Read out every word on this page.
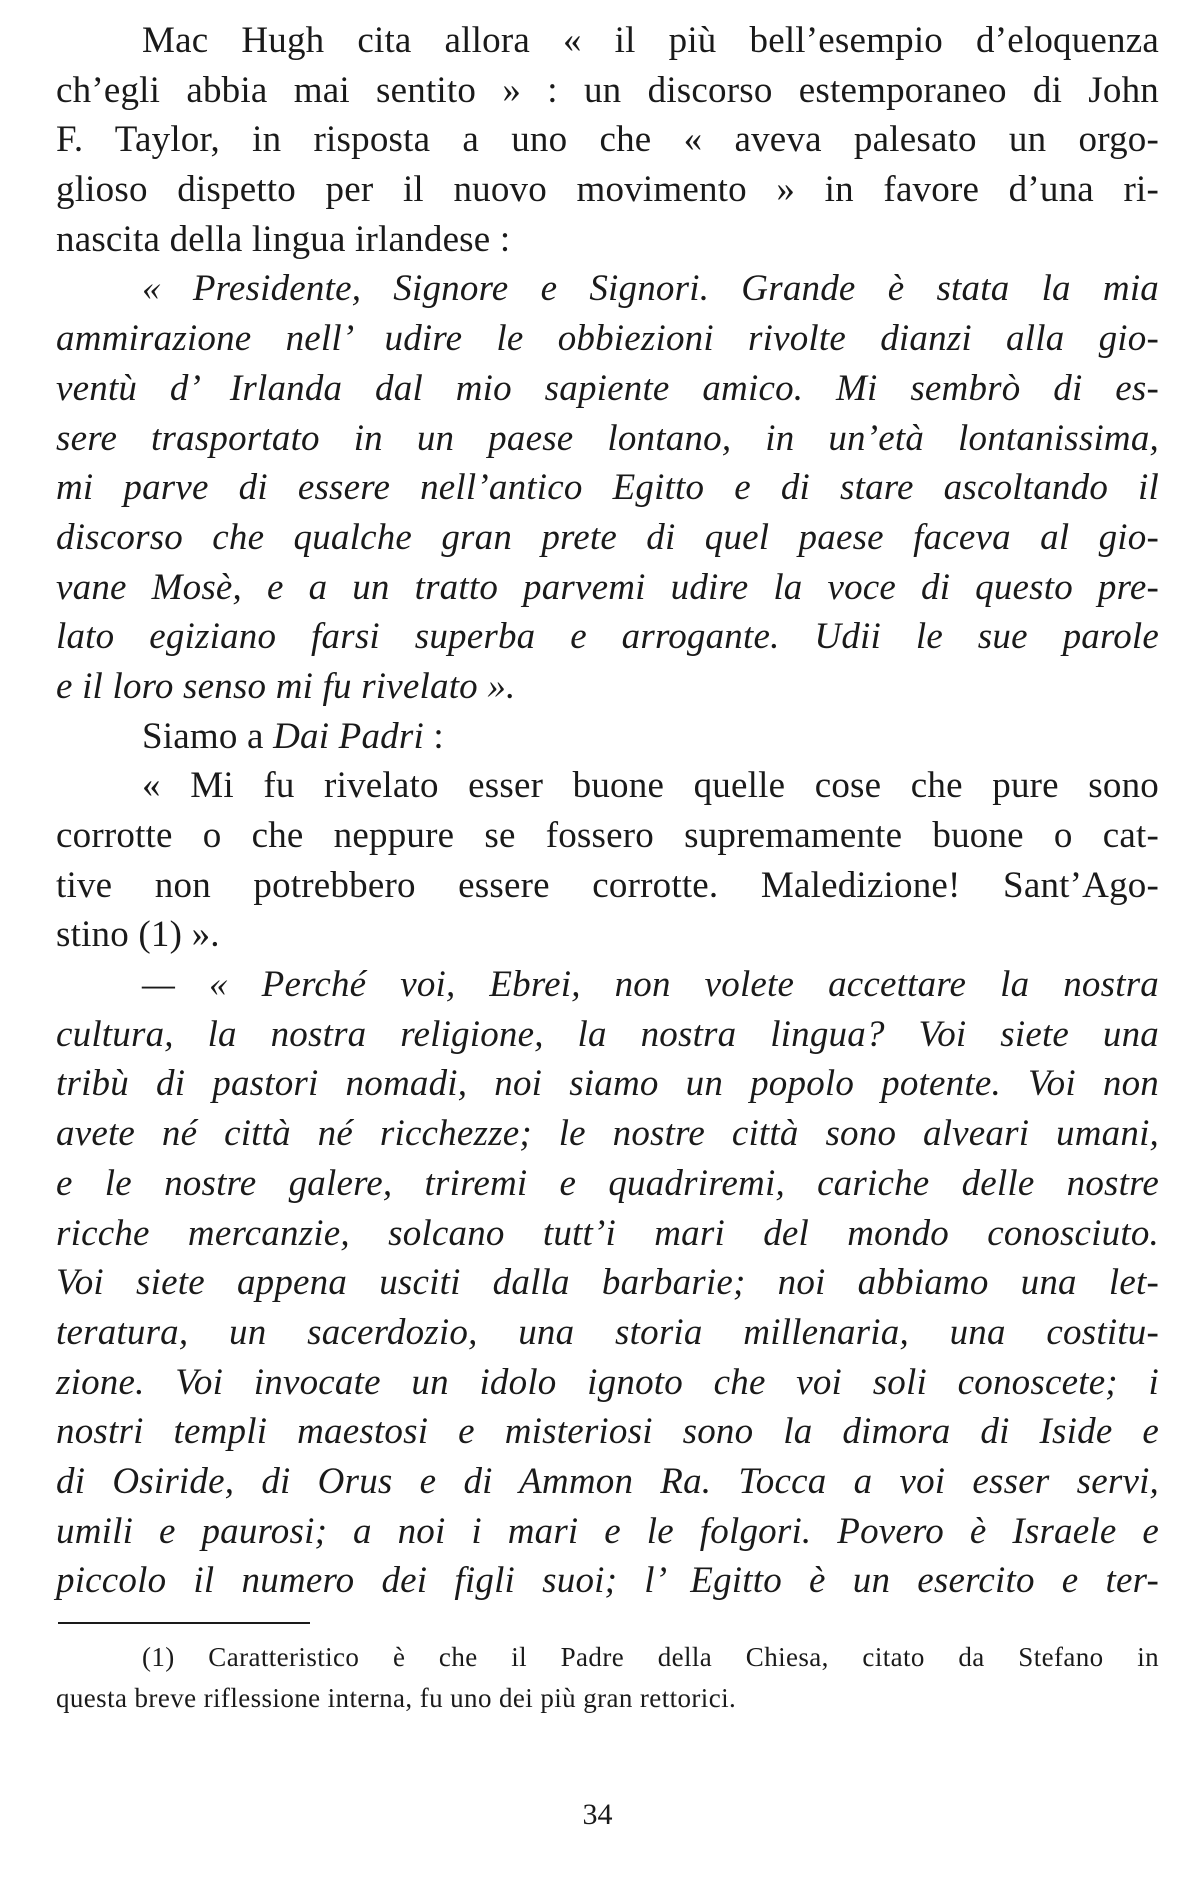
Mac Hugh cita allora « il più bell’esempio d’eloquenza
ch’egli abbia mai sentito » : un discorso estemporaneo di John
F. Taylor, in risposta a uno che « aveva palesato un orgo-
glioso dispetto per il nuovo movimento » in favore d’una ri-
nascita della lingua irlandese :
« Presidente, Signore e Signori. Grande è stata la mia
ammirazione nell’ udire le obbiezioni rivolte dianzi alla gio-
ventù d’ Irlanda dal mio sapiente amico. Mi sembrò di es-
sere trasportato in un paese lontano, in un’età lontanissima,
mi parve di essere nell’antico Egitto e di stare ascoltando il
discorso che qualche gran prete di quel paese faceva al gio-
vane Mosè, e a un tratto parvemi udire la voce di questo pre-
lato egiziano farsi superba e arrogante. Udii le sue parole
e il loro senso mi fu rivelato ».
Siamo a Dai Padri :
« Mi fu rivelato esser buone quelle cose che pure sono
corrotte o che neppure se fossero supremamente buone o cat-
tive non potrebbero essere corrotte. Maledizione! Sant’Ago-
stino (1) ».
— « Perché voi, Ebrei, non volete accettare la nostra
cultura, la nostra religione, la nostra lingua? Voi siete una
tribù di pastori nomadi, noi siamo un popolo potente. Voi non
avete né città né ricchezze; le nostre città sono alveari umani,
e le nostre galere, triremi e quadriremi, cariche delle nostre
ricche mercanzie, solcano tutt’i mari del mondo conosciuto.
Voi siete appena usciti dalla barbarie; noi abbiamo una let-
teratura, un sacerdozio, una storia millenaria, una costitu-
zione. Voi invocate un idolo ignoto che voi soli conoscete; i
nostri templi maestosi e misteriosi sono la dimora di Iside e
di Osiride, di Orus e di Ammon Ra. Tocca a voi esser servi,
umili e paurosi; a noi i mari e le folgori. Povero è Israele e
piccolo il numero dei figli suoi; l’ Egitto è un esercito e ter-
(1) Caratteristico è che il Padre della Chiesa, citato da Stefano in
questa breve riflessione interna, fu uno dei più gran rettorici.
34
